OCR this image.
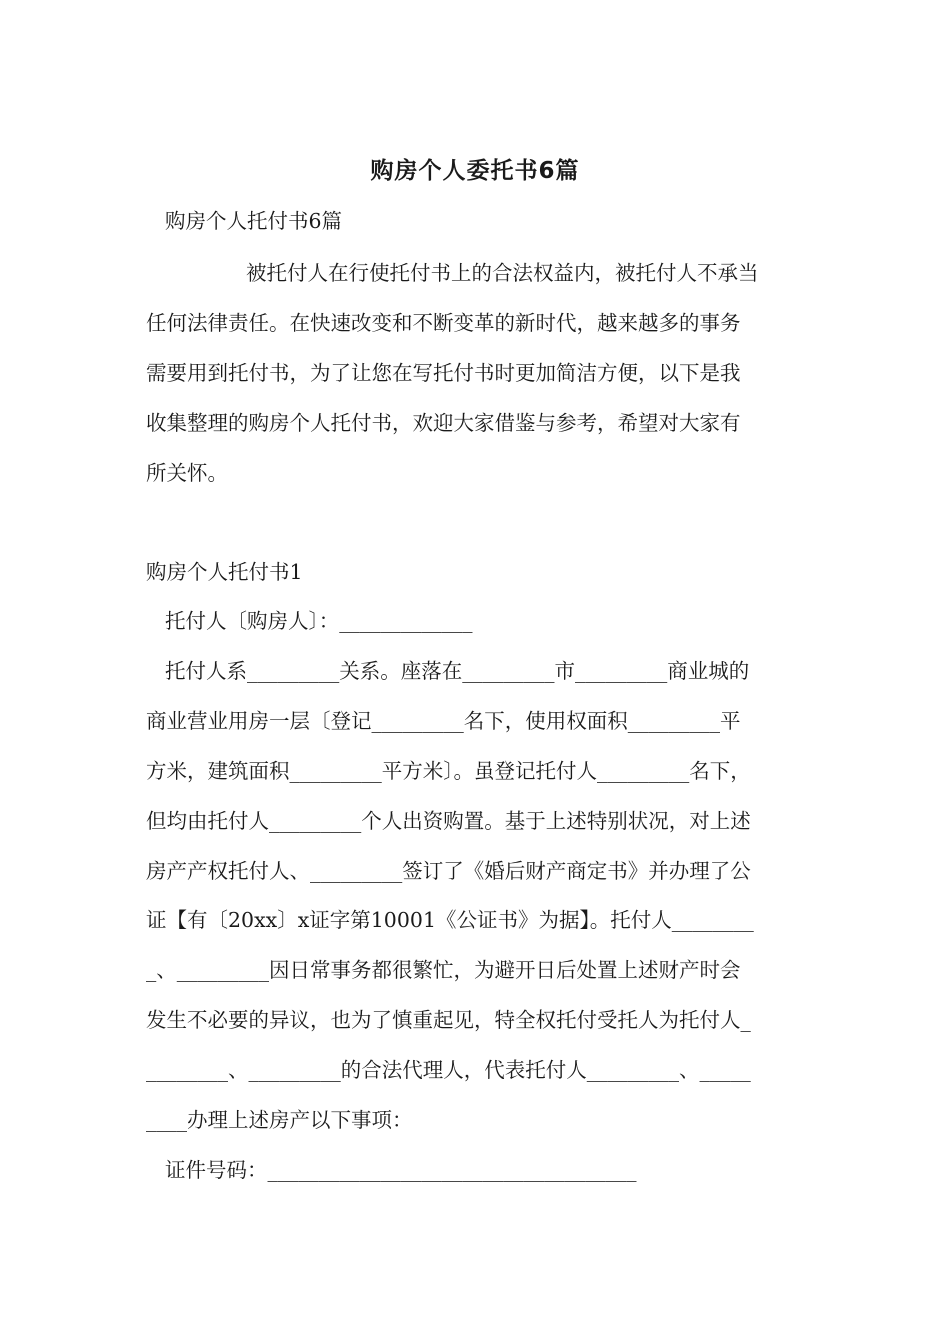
购房个人委托书6篇
购房个人托付书6篇
被托付人在行使托付书上的合法权益内，被托付人不承当
任何法律责任。在快速改变和不断变革的新时代，越来越多的事务
需要用到托付书，为了让您在写托付书时更加简洁方便，以下是我
收集整理的购房个人托付书，欢迎大家借鉴与参考，希望对大家有
所关怀。
购房个人托付书1
托付人〔购房人〕：_____________
托付人系_________关系。座落在_________市_________商业城的
商业营业用房一层〔登记_________名下，使用权面积_________平
方米，建筑面积_________平方米〕。虽登记托付人_________名下，
但均由托付人_________个人出资购置。基于上述特别状况，对上述
房产产权托付人、_________签订了《婚后财产商定书》并办理了公
证【有〔20xx〕x证字第10001《公证书》为据】。托付人________
_、_________因日常事务都很繁忙，为避开日后处置上述财产时会
发生不必要的异议，也为了慎重起见，特全权托付受托人为托付人_
________、_________的合法代理人，代表托付人_________、_____
____办理上述房产以下事项：
证件号码：____________________________________
